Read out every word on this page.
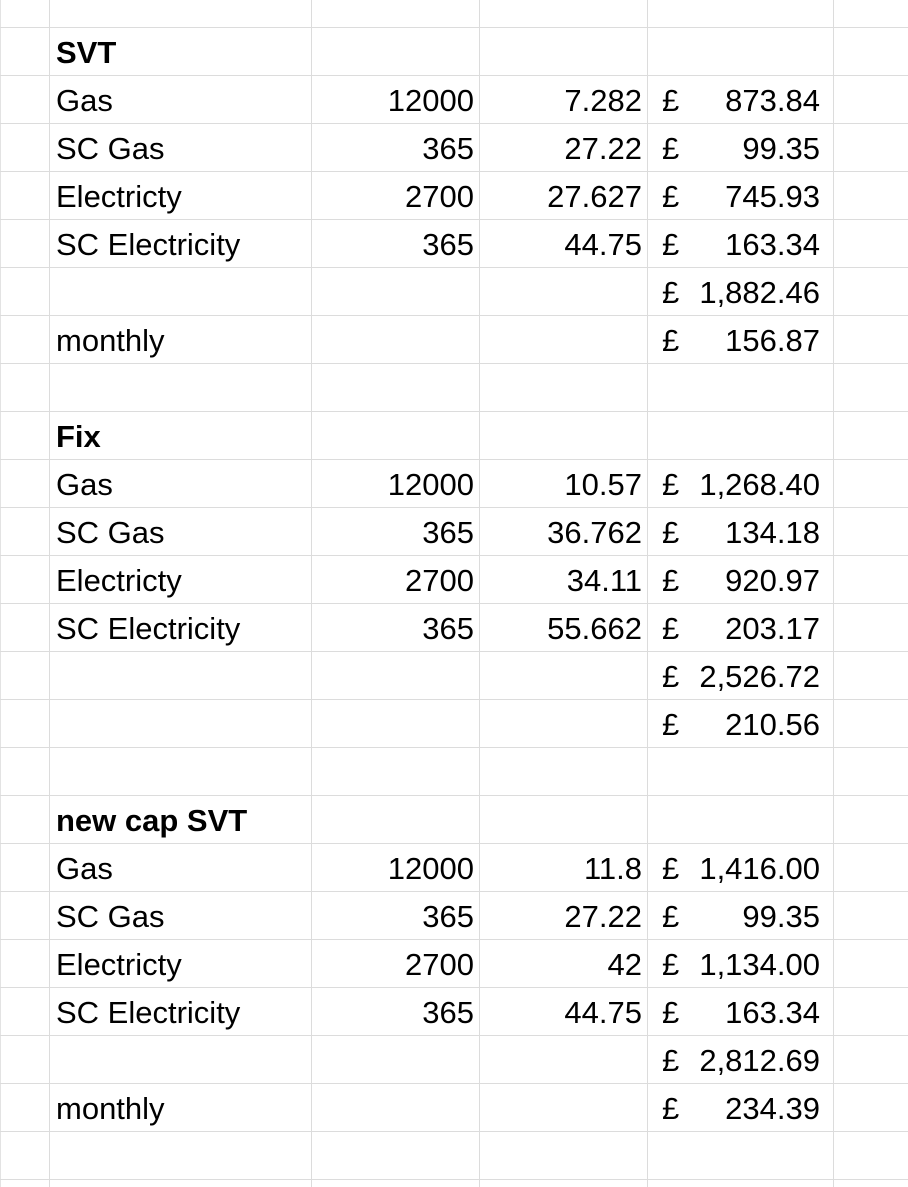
SVT
Gas	12000	7.282 £	873.84
SC Gas	365	27.22 £	99.35
Electricty	2700	27.627 £	745.93
SC Electricity	365	44.75 £	163.34
£ 1,882.46
monthly	£	156.87
Fix
Gas	12000	10.57 £ 1,268.40
SC Gas	365	36.762 £	134.18
Electricty	2700	34.11 £	920.97
SC Electricity	365	55.662 £	203.17
£ 2,526.72
£	210.56
new cap SVT
Gas	12000	11.8 £ 1,416.00
SC Gas	365	27.22 £	99.35
Electricty	2700	42 £ 1,134.00
SC Electricity	365	44.75 £	163.34
£ 2,812.69
monthly	£	234.39
